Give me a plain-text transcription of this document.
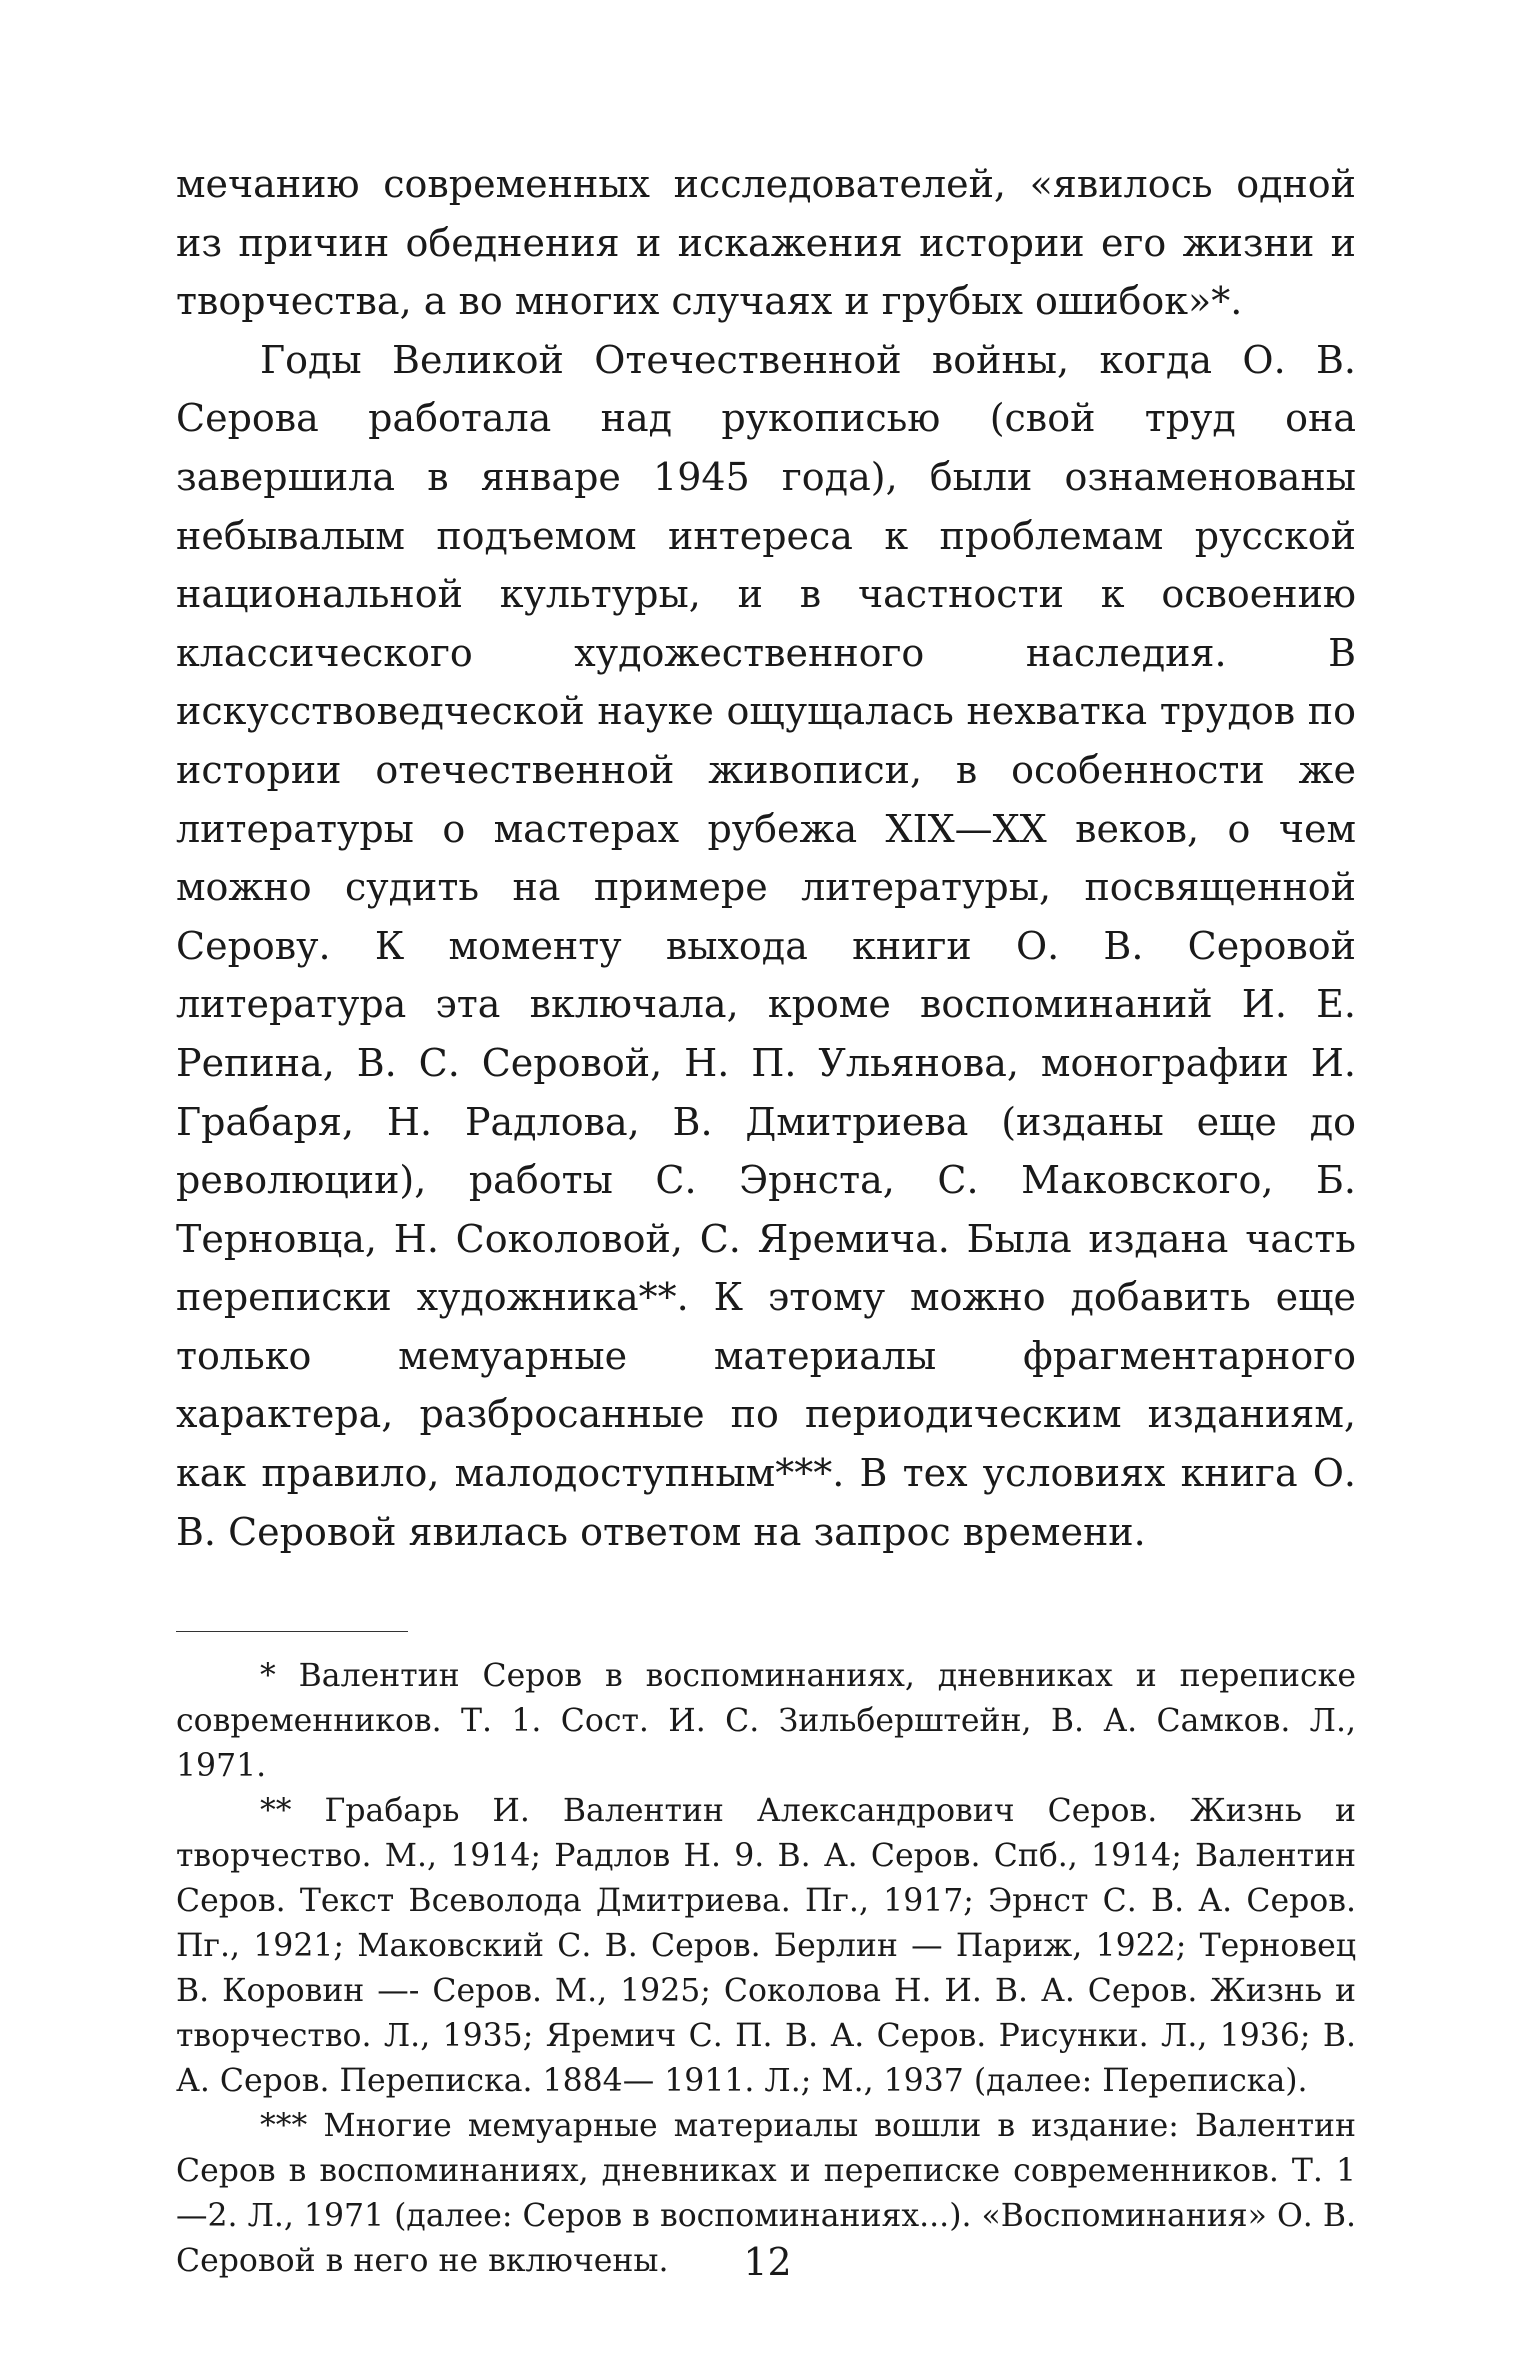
мечанию современных исследователей, «явилось одной из причин обеднения и искажения истории его жизни и творчества, а во многих случаях и грубых ошибок»*.

Годы Великой Отечественной войны, когда О. В. Серова работала над рукописью (свой труд она завершила в январе 1945 года), были ознаменованы небывалым подъемом интереса к проблемам русской национальной культуры, и в частности к освоению классического художественного наследия. В искусствоведческой науке ощущалась нехватка трудов по истории отечественной живописи, в особенности же литературы о мастерах рубежа XIX—XX веков, о чем можно судить на примере литературы, посвященной Серову. К моменту выхода книги О. В. Серовой литература эта включала, кроме воспоминаний И. Е. Репина, В. С. Серовой, Н. П. Ульянова, монографии И. Грабаря, Н. Радлова, В. Дмитриева (изданы еще до революции), работы С. Эрнста, С. Маковского, Б. Терновца, Н. Соколовой, С. Яремича. Была издана часть переписки художника**. К этому можно добавить еще только мемуарные материалы фрагментарного характера, разбросанные по периодическим изданиям, как правило, малодоступным***. В тех условиях книга О. В. Серовой явилась ответом на запрос времени.

* Валентин Серов в воспоминаниях, дневниках и переписке современников. Т. 1. Сост. И. С. Зильберштейн, В. А. Самков. Л., 1971.

** Грабарь И. Валентин Александрович Серов. Жизнь и творчество. М., 1914; Радлов Н. 9. В. А. Серов. Спб., 1914; Валентин Серов. Текст Всеволода Дмитриева. Пг., 1917; Эрнст С. В. А. Серов. Пг., 1921; Маковский С. В. Серов. Берлин — Париж, 1922; Терновец В. Коровин —- Серов. М., 1925; Соколова Н. И. В. А. Серов. Жизнь и творчество. Л., 1935; Яремич С. П. В. А. Серов. Рисунки. Л., 1936; В. А. Серов. Переписка. 1884— 1911. Л.; М., 1937 (далее: Переписка).

*** Многие мемуарные материалы вошли в издание: Валентин Серов в воспоминаниях, дневниках и переписке современников. Т. 1—2. Л., 1971 (далее: Серов в воспоминаниях...). «Воспоминания» О. В. Серовой в него не включены.	12
